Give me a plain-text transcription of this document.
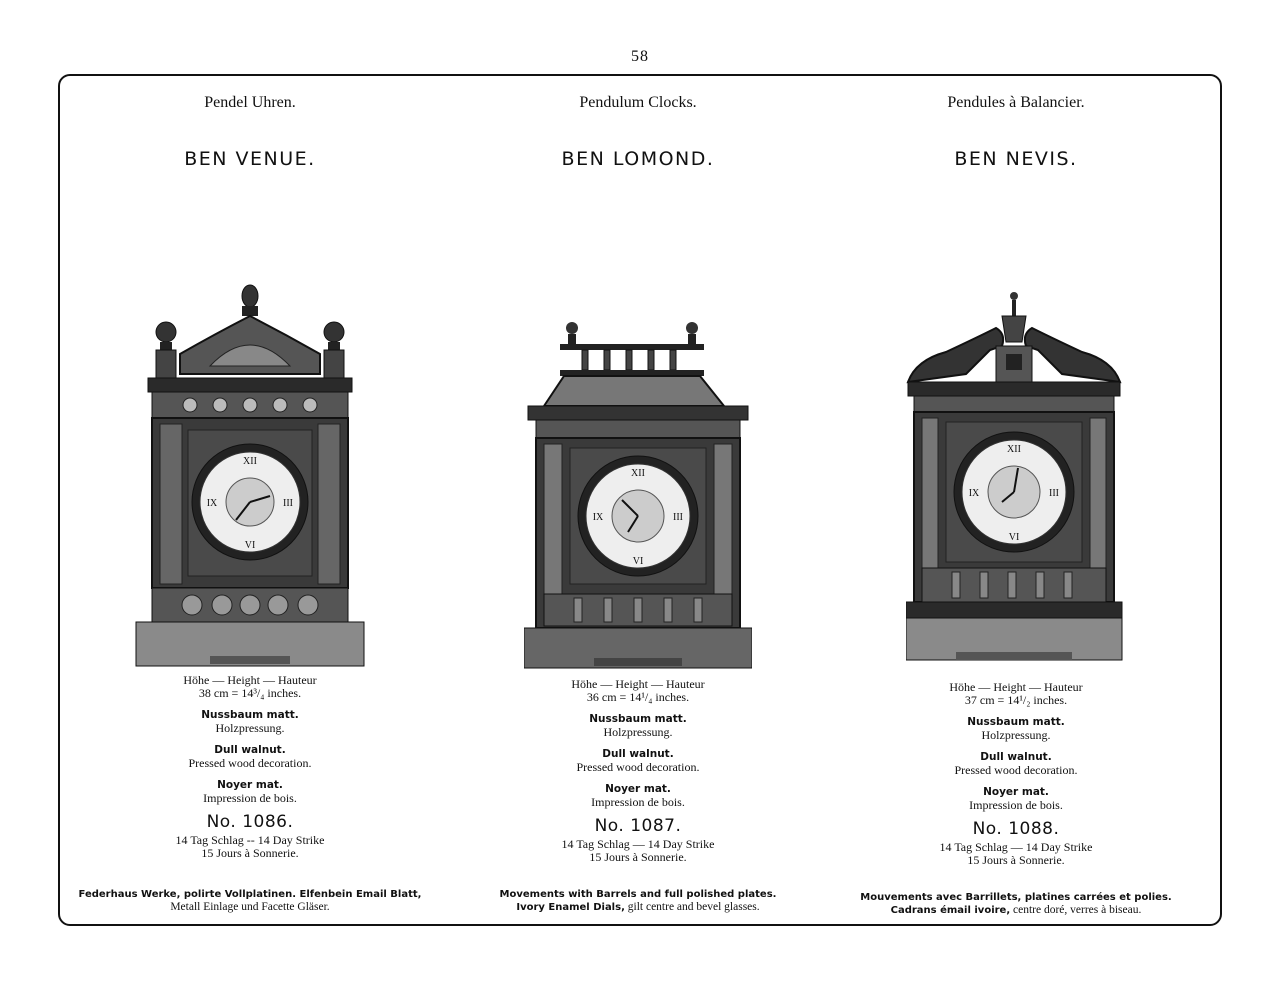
58
Pendel Uhren.
BEN VENUE.
XII
III
VI
IX

Höhe — Height — Hauteur

38 cm = 14³/₄ inches.

Nussbaum matt.

Holzpressung.

Dull walnut.

Pressed wood decoration.

Noyer mat.

Impression de bois.

No. 1086.

14 Tag Schlag -- 14 Day Strike

15 Jours à Sonnerie.

Federhaus Werke, polirte Vollplatinen. Elfenbein Email Blatt,
Metall Einlage und Facette Gläser.
Pendulum Clocks.
BEN LOMOND.
XII
III
VI
IX

Höhe — Height — Hauteur

36 cm = 14¹/₄ inches.

Nussbaum matt.

Holzpressung.

Dull walnut.

Pressed wood decoration.

Noyer mat.

Impression de bois.

No. 1087.

14 Tag Schlag — 14 Day Strike

15 Jours à Sonnerie.

Movements with Barrels and full polished plates.
Ivory Enamel Dials, gilt centre and bevel glasses.
Pendules à Balancier.
BEN NEVIS.
XII
III
VI
IX

Höhe — Height — Hauteur

37 cm = 14¹/₂ inches.

Nussbaum matt.

Holzpressung.

Dull walnut.

Pressed wood decoration.

Noyer mat.

Impression de bois.

No. 1088.

14 Tag Schlag — 14 Day Strike

15 Jours à Sonnerie.

Mouvements avec Barrillets, platines carrées et polies.
Cadrans émail ivoire, centre doré, verres à biseau.
